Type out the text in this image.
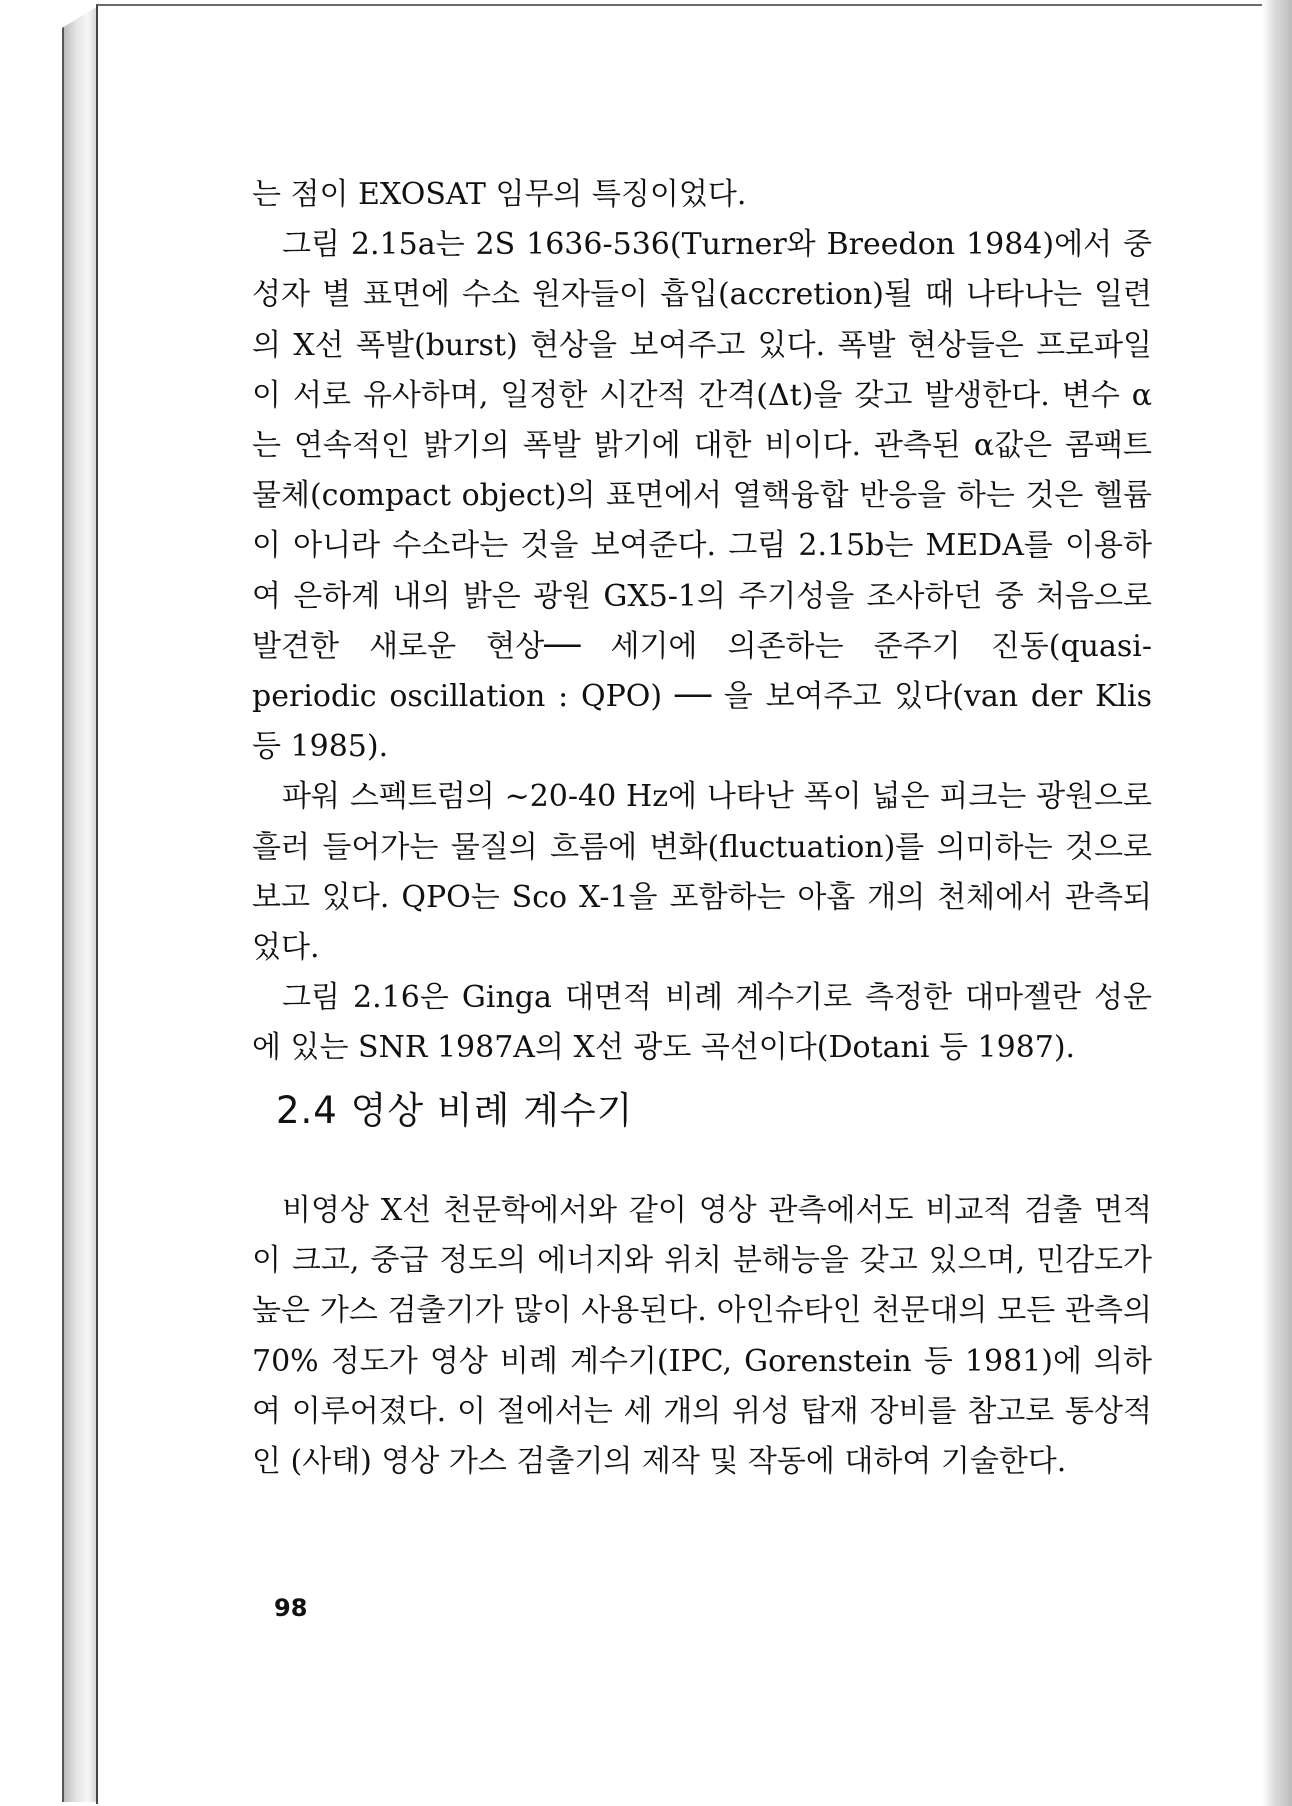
는 점이 EXOSAT 임무의 특징이었다.

그림 2.15a는 2S 1636-536(Turner와 Breedon 1984)에서 중성자 별 표면에 수소 원자들이 흡입(accretion)될 때 나타나는 일련의 X선 폭발(burst) 현상을 보여주고 있다. 폭발 현상들은 프로파일이 서로 유사하며, 일정한 시간적 간격(Δt)을 갖고 발생한다. 변수 α는 연속적인 밝기의 폭발 밝기에 대한 비이다. 관측된 α값은 콤팩트 물체(compact object)의 표면에서 열핵융합 반응을 하는 것은 헬륨이 아니라 수소라는 것을 보여준다. 그림 2.15b는 MEDA를 이용하여 은하계 내의 밝은 광원 GX5-1의 주기성을 조사하던 중 처음으로 발견한 새로운 현상── 세기에 의존하는 준주기 진동(quasi-periodic oscillation : QPO) ── 을 보여주고 있다(van der Klis 등 1985).

파워 스펙트럼의 ~20-40 Hz에 나타난 폭이 넓은 피크는 광원으로 흘러 들어가는 물질의 흐름에 변화(fluctuation)를 의미하는 것으로 보고 있다. QPO는 Sco X-1을 포함하는 아홉 개의 천체에서 관측되었다.

그림 2.16은 Ginga 대면적 비례 계수기로 측정한 대마젤란 성운에 있는 SNR 1987A의 X선 광도 곡선이다(Dotani 등 1987).

2.4 영상 비례 계수기

비영상 X선 천문학에서와 같이 영상 관측에서도 비교적 검출 면적이 크고, 중급 정도의 에너지와 위치 분해능을 갖고 있으며, 민감도가 높은 가스 검출기가 많이 사용된다. 아인슈타인 천문대의 모든 관측의 70% 정도가 영상 비례 계수기(IPC, Gorenstein 등 1981)에 의하여 이루어졌다. 이 절에서는 세 개의 위성 탑재 장비를 참고로 통상적인 (사태) 영상 가스 검출기의 제작 및 작동에 대하여 기술한다.

98
